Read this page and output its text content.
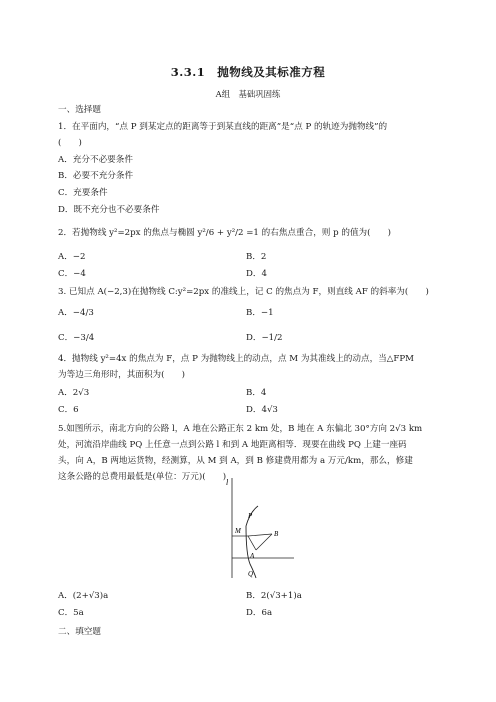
3.3.1　抛物线及其标准方程
A组　基础巩固练
一、选择题
1．在平面内，“点 P 到某定点的距离等于到某直线的距离”是“点 P 的轨迹为抛物线”的
(　　)
A．充分不必要条件
B．必要不充分条件
C．充要条件
D．既不充分也不必要条件
2．若抛物线 y²=2px 的焦点与椭圆 y²/6 + y²/2 =1 的右焦点重合，则 p 的值为(　　)
A．−2	B．2
C．−4	D．4
3. 已知点 A(−2,3)在抛物线 C:y²=2px 的准线上，记 C 的焦点为 F，则直线 AF 的斜率为(　　)
A．−4/3	B．−1
C．−3/4	D．−1/2
4．抛物线 y²=4x 的焦点为 F，点 P 为抛物线上的动点，点 M 为其准线上的动点，当△FPM
为等边三角形时，其面积为(　　)
A．2√3	B．4
C．6	D．4√3
5.如图所示，南北方向的公路 l，A 地在公路正东 2 km 处，B 地在 A 东偏北 30°方向 2√3 km
处，河流沿岸曲线 PQ 上任意一点到公路 l 和到 A 地距离相等．现要在曲线 PQ 上建一座码
头，向 A，B 两地运货物，经测算，从 M 到 A，到 B 修建费用都为 a 万元/km，那么，修建
这条公路的总费用最低是(单位：万元)(　　)
l
P
M	B
A
Q
A．(2+√3)a	B．2(√3+1)a
C．5a	D．6a
二、填空题
